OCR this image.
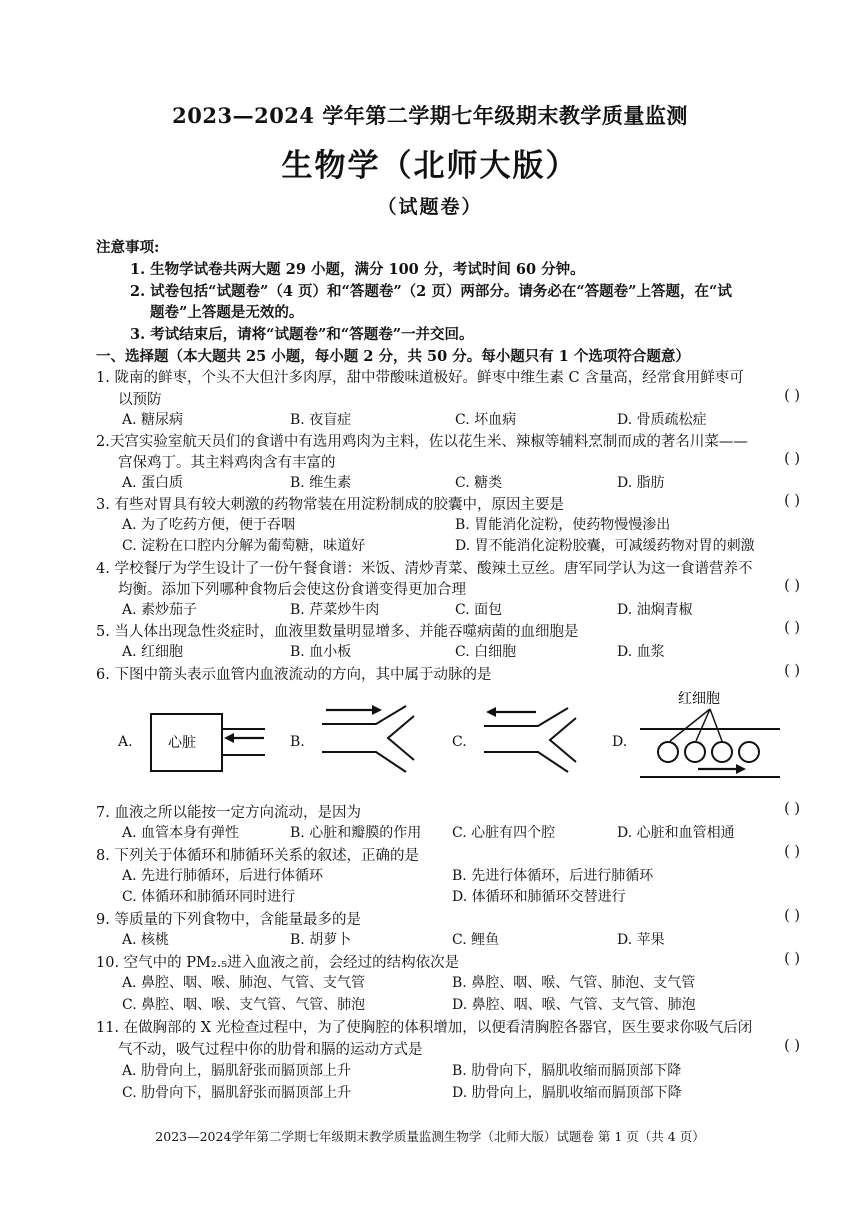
2023—2024 学年第二学期七年级期末教学质量监测
生物学（北师大版）
（试题卷）
注意事项:
1. 生物学试卷共两大题 29 小题，满分 100 分，考试时间 60 分钟。
2. 试卷包括“试题卷”（4 页）和“答题卷”（2 页）两部分。请务必在“答题卷”上答题，在“试
题卷”上答题是无效的。
3. 考试结束后，请将“试题卷”和“答题卷”一并交回。
一、选择题（本大题共 25 小题，每小题 2 分，共 50 分。每小题只有 1 个选项符合题意）
1. 陇南的鲜枣，个头不大但汁多肉厚，甜中带酸味道极好。鲜枣中维生素 C 含量高，经常食用鲜枣可
以预防	( )
A. 糖尿病	B. 夜盲症	C. 坏血病	D. 骨质疏松症
2.天宫实验室航天员们的食谱中有选用鸡肉为主料，佐以花生米、辣椒等辅料烹制而成的著名川菜——
宫保鸡丁。其主料鸡肉含有丰富的	( )
A. 蛋白质	B. 维生素	C. 糖类	D. 脂肪
3. 有些对胃具有较大刺激的药物常装在用淀粉制成的胶囊中，原因主要是	( )
A. 为了吃药方便，便于吞咽	B. 胃能消化淀粉，使药物慢慢渗出
C. 淀粉在口腔内分解为葡萄糖，味道好	D. 胃不能消化淀粉胶囊，可减缓药物对胃的刺激
4. 学校餐厅为学生设计了一份午餐食谱：米饭、清炒青菜、酸辣土豆丝。唐军同学认为这一食谱营养不
均衡。添加下列哪种食物后会使这份食谱变得更加合理	( )
A. 素炒茄子	B. 芹菜炒牛肉	C. 面包	D. 油焖青椒
5. 当人体出现急性炎症时，血液里数量明显增多、并能吞噬病菌的血细胞是	( )
A. 红细胞	B. 血小板	C. 白细胞	D. 血浆
6. 下图中箭头表示血管内血液流动的方向，其中属于动脉的是	( )
A.	B.	C.	D.
心脏
红细胞
7. 血液之所以能按一定方向流动，是因为	( )
A. 血管本身有弹性	B. 心脏和瓣膜的作用 C. 心脏有四个腔	D. 心脏和血管相通
8. 下列关于体循环和肺循环关系的叙述，正确的是	( )
A. 先进行肺循环，后进行体循环	B. 先进行体循环，后进行肺循环
C. 体循环和肺循环同时进行	D. 体循环和肺循环交替进行
9. 等质量的下列食物中，含能量最多的是	( )
A. 核桃	B. 胡萝卜	C. 鲤鱼	D. 苹果
10. 空气中的 PM₂.₅进入血液之前，会经过的结构依次是	( )
A. 鼻腔、咽、喉、肺泡、气管、支气管	B. 鼻腔、咽、喉、气管、肺泡、支气管
C. 鼻腔、咽、喉、支气管、气管、肺泡	D. 鼻腔、咽、喉、气管、支气管、肺泡
11. 在做胸部的 X 光检查过程中，为了使胸腔的体积增加，以便看清胸腔各器官，医生要求你吸气后闭
气不动，吸气过程中你的肋骨和膈的运动方式是	( )
A. 肋骨向上，膈肌舒张而膈顶部上升	B. 肋骨向下，膈肌收缩而膈顶部下降
C. 肋骨向下，膈肌舒张而膈顶部上升	D. 肋骨向上，膈肌收缩而膈顶部下降
2023—2024学年第二学期七年级期末教学质量监测生物学（北师大版）试题卷 第 1 页（共 4 页）
